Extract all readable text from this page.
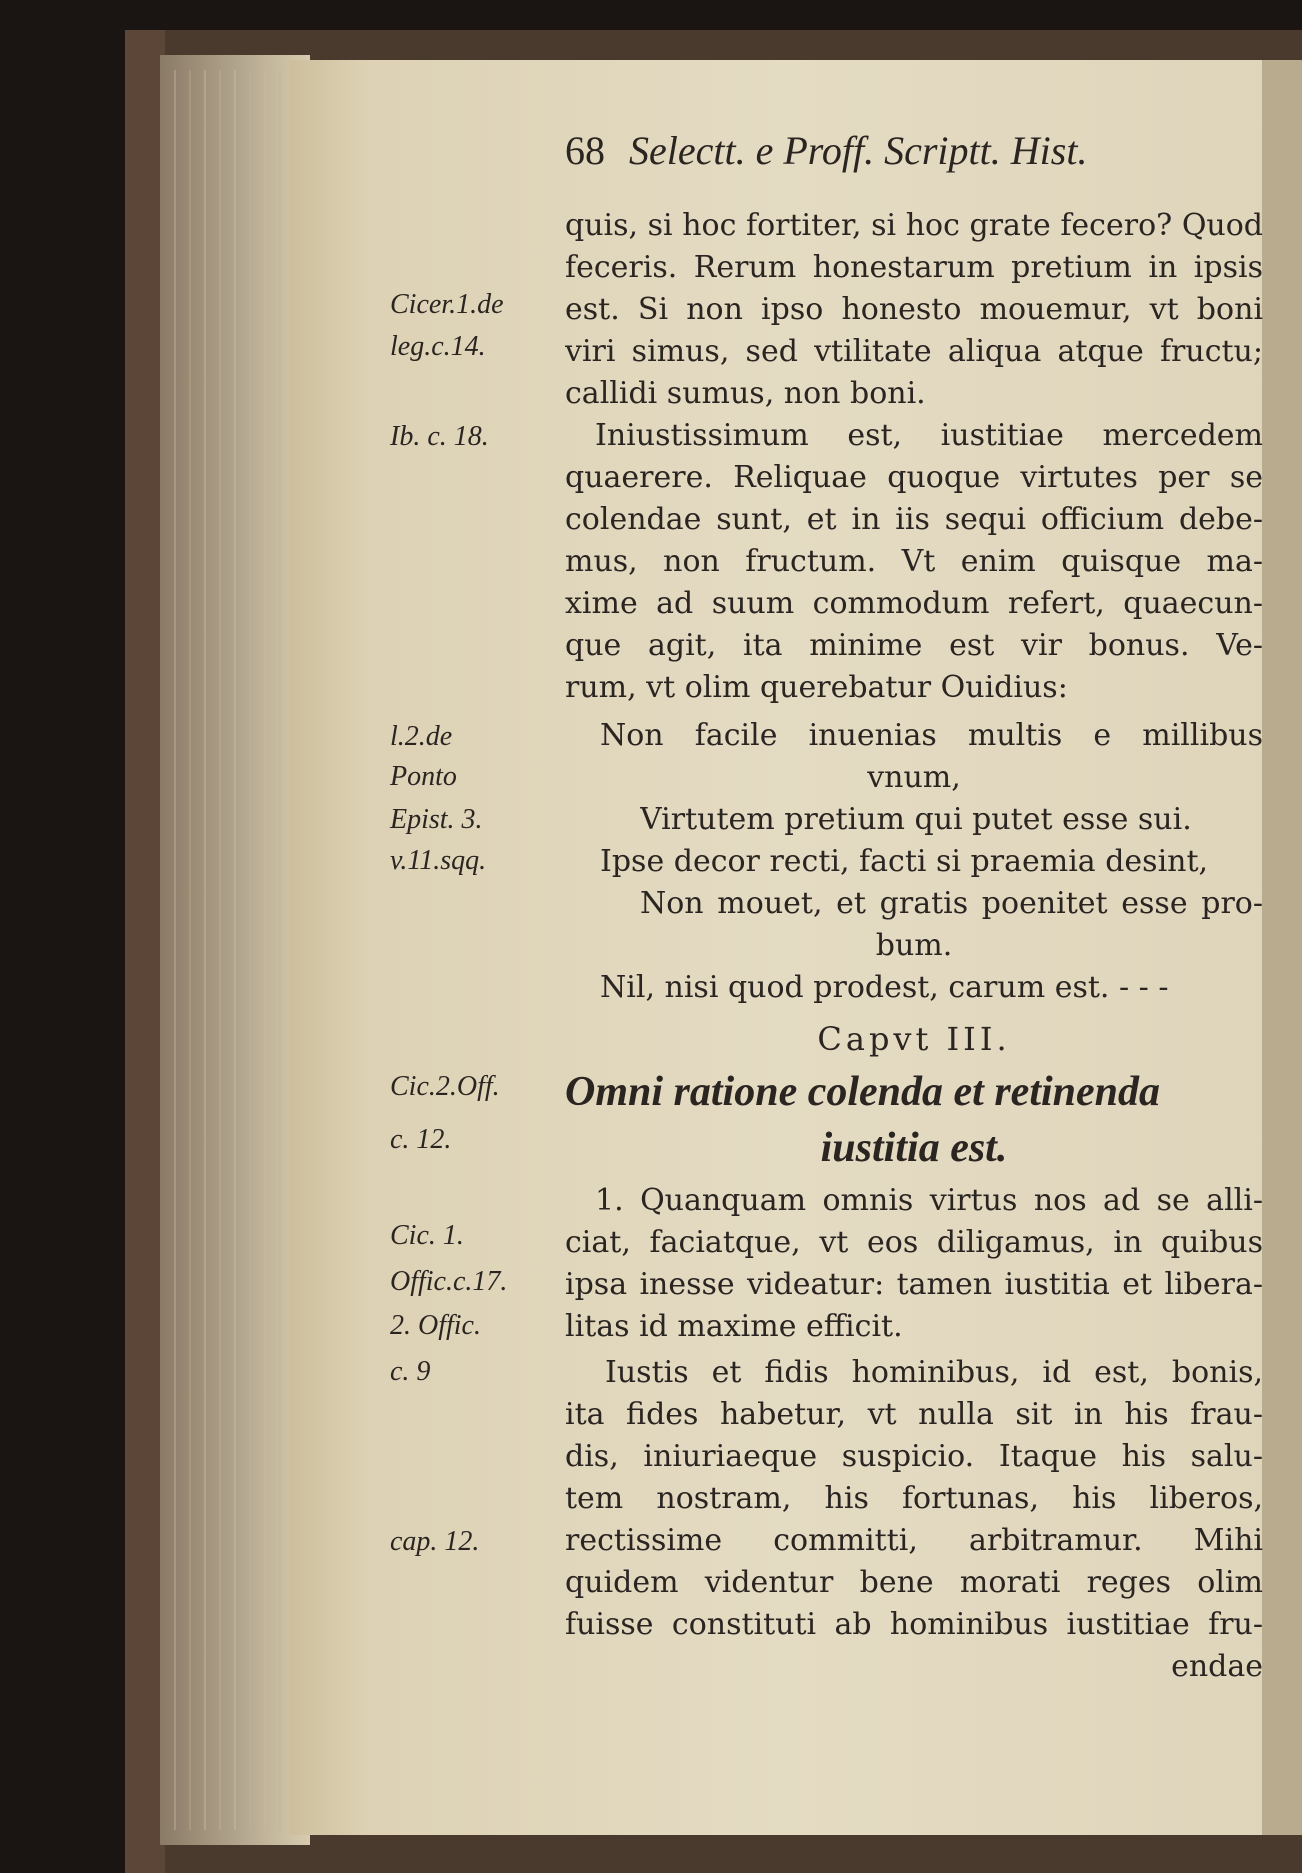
68 Selectt. e Proff. Scriptt. Hist.
quis, si hoc fortiter, si hoc grate fecero? Quod
feceris. Rerum honestarum pretium in ipsis
est. Si non ipso honesto mouemur, vt boni
viri simus, sed vtilitate aliqua atque fructu;
callidi sumus, non boni.
Iniustissimum est, iustitiae mercedem
quaerere. Reliquae quoque virtutes per se
colendae sunt, et in iis sequi officium debe-
mus, non fructum. Vt enim quisque ma-
xime ad suum commodum refert, quaecun-
que agit, ita minime est vir bonus. Ve-
rum, vt olim querebatur Ouidius:
Non facile inuenias multis e millibus
vnum,
Virtutem pretium qui putet esse sui.
Ipse decor recti, facti si praemia desint,
Non mouet, et gratis poenitet esse pro-
bum.
Nil, nisi quod prodest, carum est. - - -
Capvt III.
Omni ratione colenda et retinenda
iustitia est.
1. Quanquam omnis virtus nos ad se alli-
ciat, faciatque, vt eos diligamus, in quibus
ipsa inesse videatur: tamen iustitia et libera-
litas id maxime efficit.
Iustis et fidis hominibus, id est, bonis,
ita fides habetur, vt nulla sit in his frau-
dis, iniuriaeque suspicio. Itaque his salu-
tem nostram, his fortunas, his liberos,
rectissime committi, arbitramur. Mihi
quidem videntur bene morati reges olim
fuisse constituti ab hominibus iustitiae fru-
endae
Cicer.1.de
leg.c.14.
Ib. c. 18.
l.2.de
Ponto
Epist. 3.
v.11.sqq.
Cic.2.Off.
c. 12.
Cic. 1.
Offic.c.17.
2. Offic.
c. 9
cap. 12.
